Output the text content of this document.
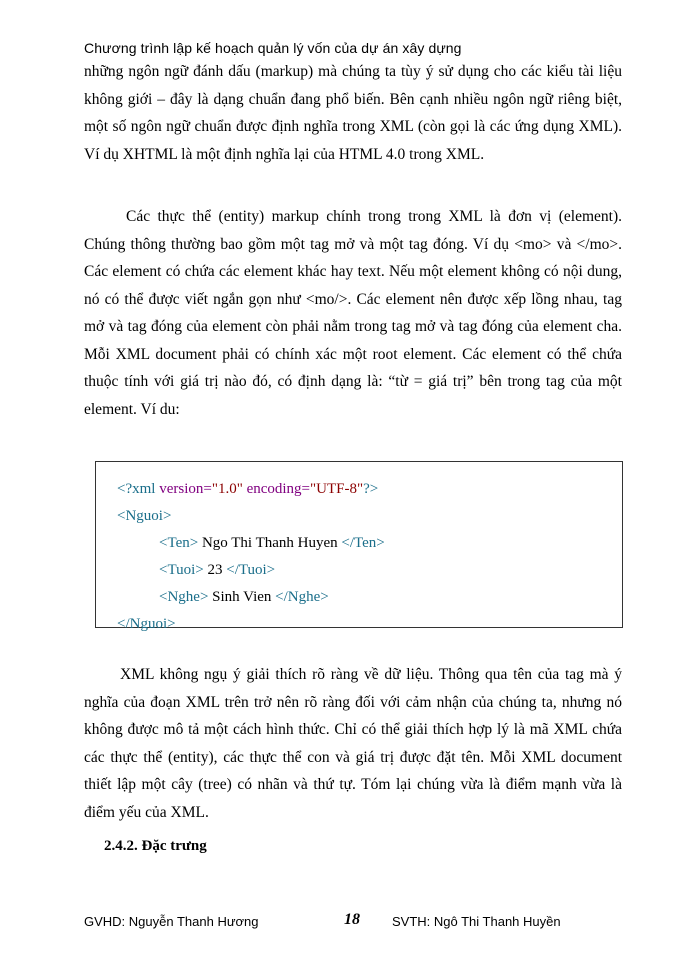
Chương trình lập kế hoạch quản lý vốn của dự án xây dựng
những ngôn ngữ đánh dấu (markup) mà chúng ta tùy ý sử dụng cho các kiểu tài liệu không giới – đây là dạng chuẩn đang phổ biến. Bên cạnh nhiều ngôn ngữ riêng biệt, một số ngôn ngữ chuẩn được định nghĩa trong XML (còn gọi là các ứng dụng XML). Ví dụ XHTML là một định nghĩa lại của HTML 4.0 trong XML.
Các thực thể (entity) markup chính trong trong XML là đơn vị (element). Chúng thông thường bao gồm một tag mở và một tag đóng. Ví dụ <mo> và </mo>. Các element có chứa các element khác hay text. Nếu một element không có nội dung, nó có thể được viết ngắn gọn như <mo/>. Các element nên được xếp lồng nhau, tag mở và tag đóng của element còn phải nằm trong tag mở và tag đóng của element cha. Mỗi XML document phải có chính xác một root element. Các element có thể chứa thuộc tính với giá trị nào đó, có định dạng là: “từ = giá trị” bên trong tag của một element. Ví du:

<?xml version="1.0" encoding="UTF-8"?>

<Nguoi>

<Ten> Ngo Thi Thanh Huyen </Ten>

<Tuoi> 23 </Tuoi>

<Nghe> Sinh Vien </Nghe>

</Nguoi>

XML không ngụ ý giải thích rõ ràng về dữ liệu. Thông qua tên của tag mà ý nghĩa của đoạn XML trên trở nên rõ ràng đối với cảm nhận của chúng ta, nhưng nó không được mô tả một cách hình thức. Chỉ có thể giải thích hợp lý là mã XML chứa các thực thể (entity), các thực thể con và giá trị được đặt tên. Mỗi XML document thiết lập một cây (tree) có nhãn và thứ tự. Tóm lại chúng vừa là điểm mạnh vừa là điểm yếu của XML.
2.4.2. Đặc trưng
GVHD: Nguyễn Thanh Hương	18 SVTH: Ngô Thi Thanh Huyền
